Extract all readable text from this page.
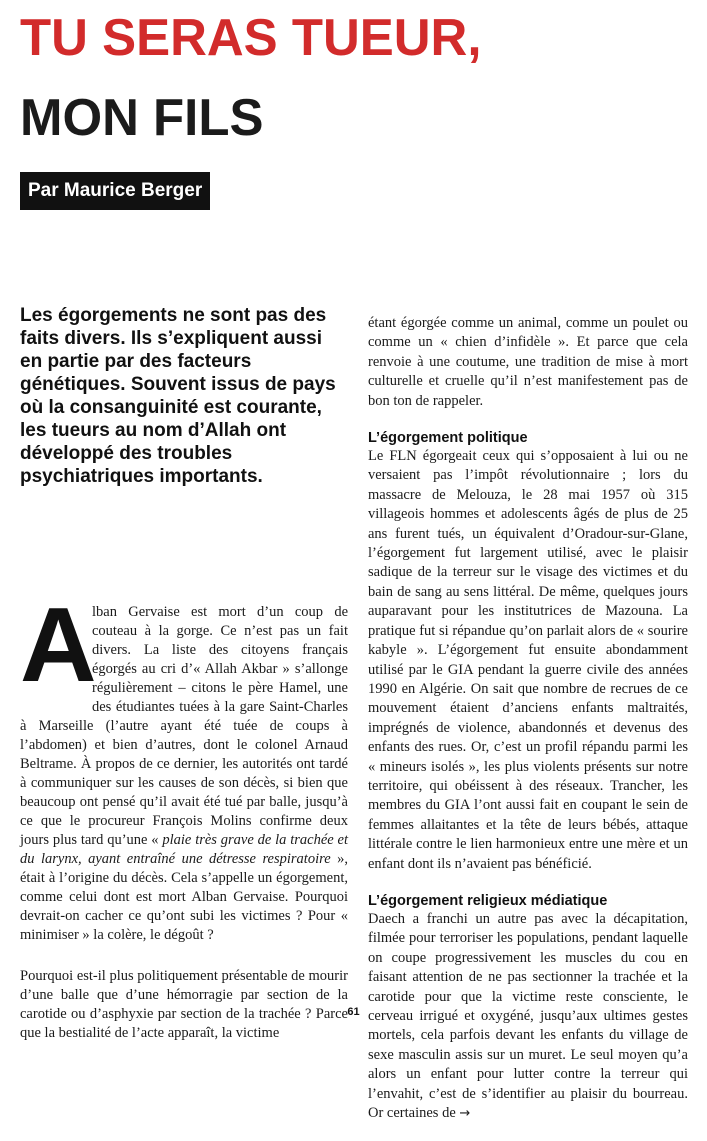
TU SERAS TUEUR,
MON FILS
Par Maurice Berger

Les égorgements ne sont pas des faits divers. Ils s’expliquent aussi en partie par des facteurs génétiques. Souvent issus de pays où la consanguinité est courante, les tueurs au nom d’Allah ont développé des troubles psychiatriques importants.

A

lban Gervaise est mort d’un coup de couteau à la gorge. Ce n’est pas un fait divers. La liste des citoyens français égorgés au cri d’« Allah Akbar » s’allonge régulièrement – citons le père Hamel, une des étudiantes tuées à la gare Saint-Charles à Marseille (l’autre ayant été tuée de coups à l’abdomen) et bien d’autres, dont le colonel Arnaud Beltrame. À propos de ce dernier, les autorités ont tardé à communiquer sur les causes de son décès, si bien que beaucoup ont pensé qu’il avait été tué par balle, jusqu’à ce que le procureur François Molins confirme deux jours plus tard qu’une « plaie très grave de la trachée et du larynx, ayant entraîné une détresse respiratoire », était à l’origine du décès. Cela s’appelle un égorgement, comme celui dont est mort Alban Gervaise. Pourquoi devrait-on cacher ce qu’ont subi les victimes ? Pour « minimiser » la colère, le dégoût ?

Pourquoi est-il plus politiquement présentable de mourir d’une balle que d’une hémorragie par section de la carotide ou d’asphyxie par section de la trachée ? Parce que la bestialité de l’acte apparaît, la victime

étant égorgée comme un animal, comme un poulet ou comme un « chien d’infidèle ». Et parce que cela renvoie à une coutume, une tradition de mise à mort culturelle et cruelle qu’il n’est manifestement pas de bon ton de rappeler.

L’égorgement politique

Le FLN égorgeait ceux qui s’opposaient à lui ou ne versaient pas l’impôt révolutionnaire ; lors du massacre de Melouza, le 28 mai 1957 où 315 villageois hommes et adolescents âgés de plus de 25 ans furent tués, un équivalent d’Oradour-sur-Glane, l’égorgement fut largement utilisé, avec le plaisir sadique de la terreur sur le visage des victimes et du bain de sang au sens littéral. De même, quelques jours auparavant pour les institutrices de Mazouna. La pratique fut si répandue qu’on parlait alors de « sourire kabyle ». L’égorgement fut ensuite abondamment utilisé par le GIA pendant la guerre civile des années 1990 en Algérie. On sait que nombre de recrues de ce mouvement étaient d’anciens enfants maltraités, imprégnés de violence, abandonnés et devenus des enfants des rues. Or, c’est un profil répandu parmi les « mineurs isolés », les plus violents présents sur notre territoire, qui obéissent à des réseaux. Trancher, les membres du GIA l’ont aussi fait en coupant le sein de femmes allaitantes et la tête de leurs bébés, attaque littérale contre le lien harmonieux entre une mère et un enfant dont ils n’avaient pas bénéficié.

L’égorgement religieux médiatique

Daech a franchi un autre pas avec la décapitation, filmée pour terroriser les populations, pendant laquelle on coupe progressivement les muscles du cou en faisant attention de ne pas sectionner la trachée et la carotide pour que la victime reste consciente, le cerveau irrigué et oxygéné, jusqu’aux ultimes gestes mortels, cela parfois devant les enfants du village de sexe masculin assis sur un muret. Le seul moyen qu’a alors un enfant pour lutter contre la terreur qui l’envahit, c’est de s’identifier au plaisir du bourreau. Or certaines de →

61
